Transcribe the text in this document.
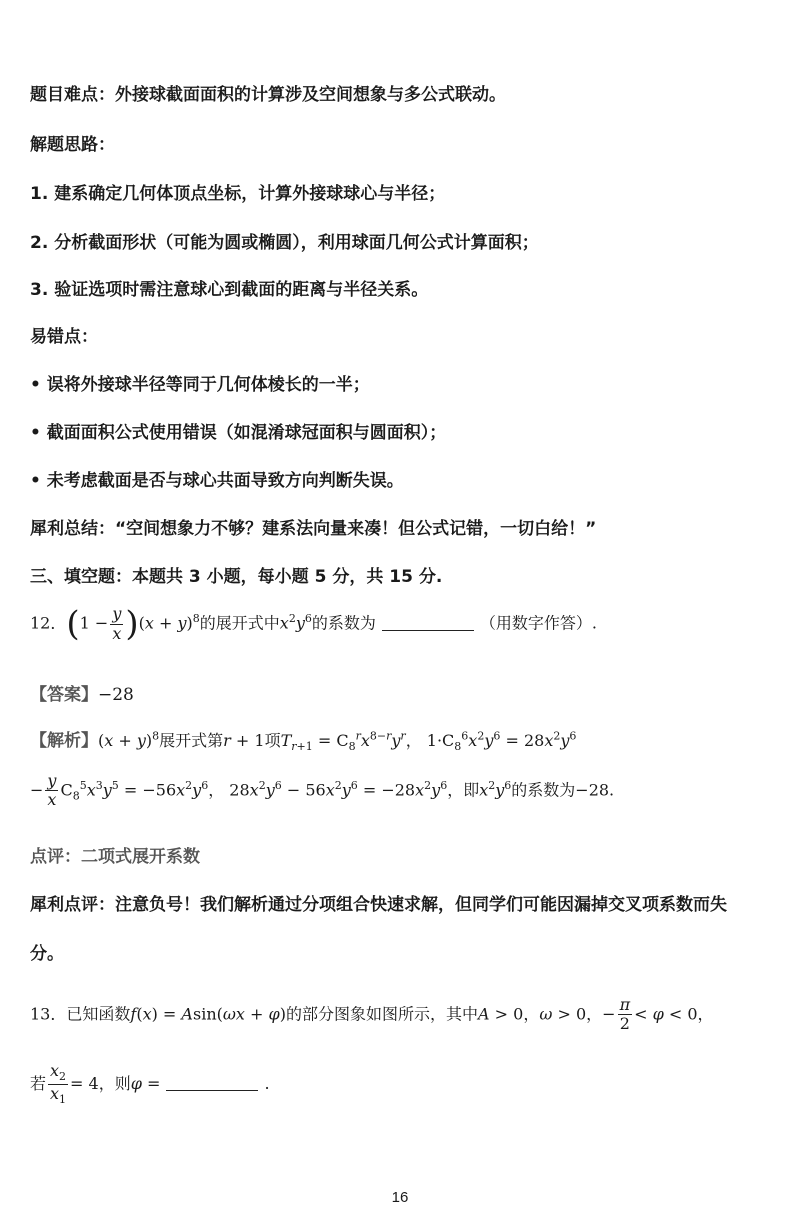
题目难点：外接球截面面积的计算涉及空间想象与多公式联动。
解题思路：
1. 建系确定几何体顶点坐标，计算外接球球心与半径；
2. 分析截面形状（可能为圆或椭圆），利用球面几何公式计算面积；
3. 验证选项时需注意球心到截面的距离与半径关系。
易错点：
• 误将外接球半径等同于几何体棱长的一半；
• 截面面积公式使用错误（如混淆球冠面积与圆面积）；
• 未考虑截面是否与球心共面导致方向判断失误。
犀利总结：“空间想象力不够？建系法向量来凑！但公式记错，一切白给！”
三、填空题：本题共 3 小题，每小题 5 分，共 15 分.
12．$(1 - \frac{y}{x} )(x + y)^8$的展开式中$x^2y^6$的系数为	（用数字作答）.
【答案】−28
【解析】$(x + y)^8$展开式第r + 1项$T_{r+1} = C_8^rx^{8-r}y^r$， $1\cdot C_8^6x^2y^6 = 28x^2y^6$
− $\frac{y}{x} C_8^5x^3y^5 = -56x^2y^6$， $28x^2y^6 - 56x^2y^6 = -28x^2y^6$，即$x^2y^6$的系数为−28.
点评：二项式展开系数
犀利点评：注意负号！我们解析通过分项组合快速求解，但同学们可能因漏掉交叉项系数而失
分。
13．已知函数f(x) = Asin(ωx + φ)的部分图象如图所示，其中A > 0，ω > 0，− $\frac{\pi}{2} < \varphi < 0$，
若 $\frac{x_2}{x_1} = 4$，则φ =	.
16
